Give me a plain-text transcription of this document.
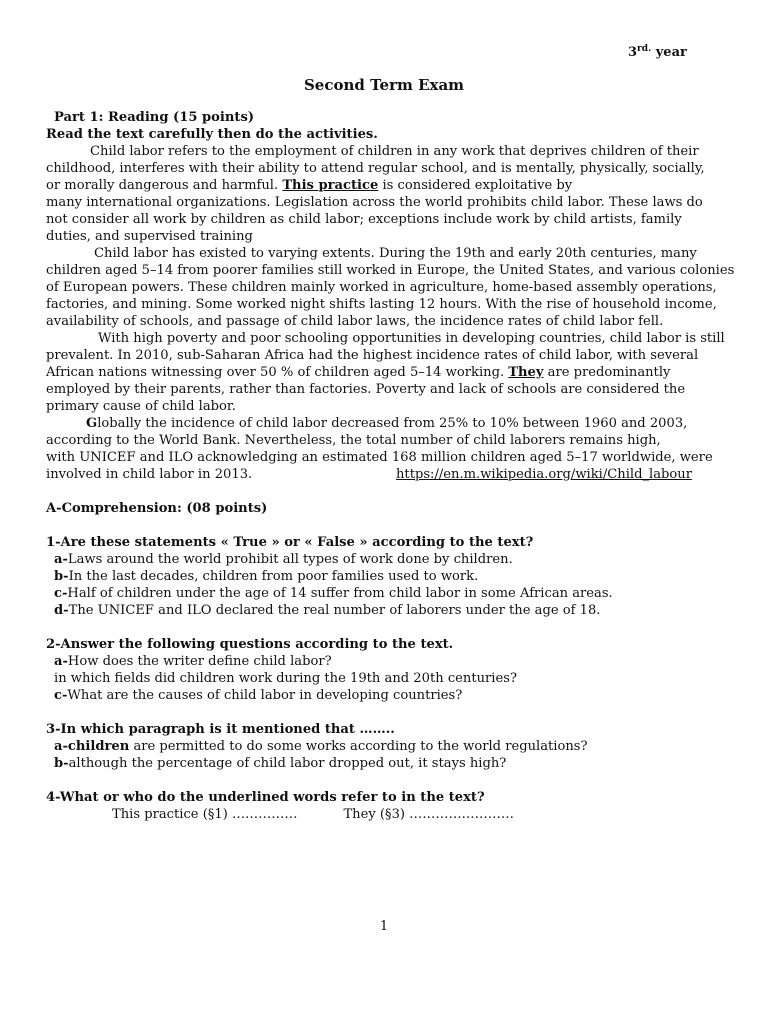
$3^{rd.}$ year
Second Term Exam
Part 1: Reading (15 points)
Read the text carefully then do the activities.
Child labor refers to the employment of children in any work that deprives children of their
childhood, interferes with their ability to attend regular school, and is mentally, physically, socially,
or morally dangerous and harmful. This practice is considered exploitative by
many international organizations. Legislation across the world prohibits child labor. These laws do
not consider all work by children as child labor; exceptions include work by child artists, family
duties, and supervised training
Child labor has existed to varying extents. During the 19th and early 20th centuries, many
children aged 5–14 from poorer families still worked in Europe, the United States, and various colonies
of European powers. These children mainly worked in agriculture, home-based assembly operations,
factories, and mining. Some worked night shifts lasting 12 hours. With the rise of household income,
availability of schools, and passage of child labor laws, the incidence rates of child labor fell.
With high poverty and poor schooling opportunities in developing countries, child labor is still
prevalent. In 2010, sub-Saharan Africa had the highest incidence rates of child labor, with several
African nations witnessing over 50 % of children aged 5–14 working. They are predominantly
employed by their parents, rather than factories. Poverty and lack of schools are considered the
primary cause of child labor.
Globally the incidence of child labor decreased from 25% to 10% between 1960 and 2003,
according to the World Bank. Nevertheless, the total number of child laborers remains high,
with UNICEF and ILO acknowledging an estimated 168 million children aged 5–17 worldwide, were
involved in child labor in 2013.	https://en.m.wikipedia.org/wiki/Child_labour
A-Comprehension: (08 points)
1-Are these statements « True » or « False » according to the text?
a-Laws around the world prohibit all types of work done by children.
b-In the last decades, children from poor families used to work.
c-Half of children under the age of 14 suffer from child labor in some African areas.
d-The UNICEF and ILO declared the real number of laborers under the age of 18.
2-Answer the following questions according to the text.
a-How does the writer define child labor?
in which fields did children work during the 19th and 20th centuries?
c-What are the causes of child labor in developing countries?
3-In which paragraph is it mentioned that ……..
a-children are permitted to do some works according to the world regulations?
b-although the percentage of child labor dropped out, it stays high?
4-What or who do the underlined words refer to in the text?
This practice (§1) ……………	They (§3) ……………………
1
